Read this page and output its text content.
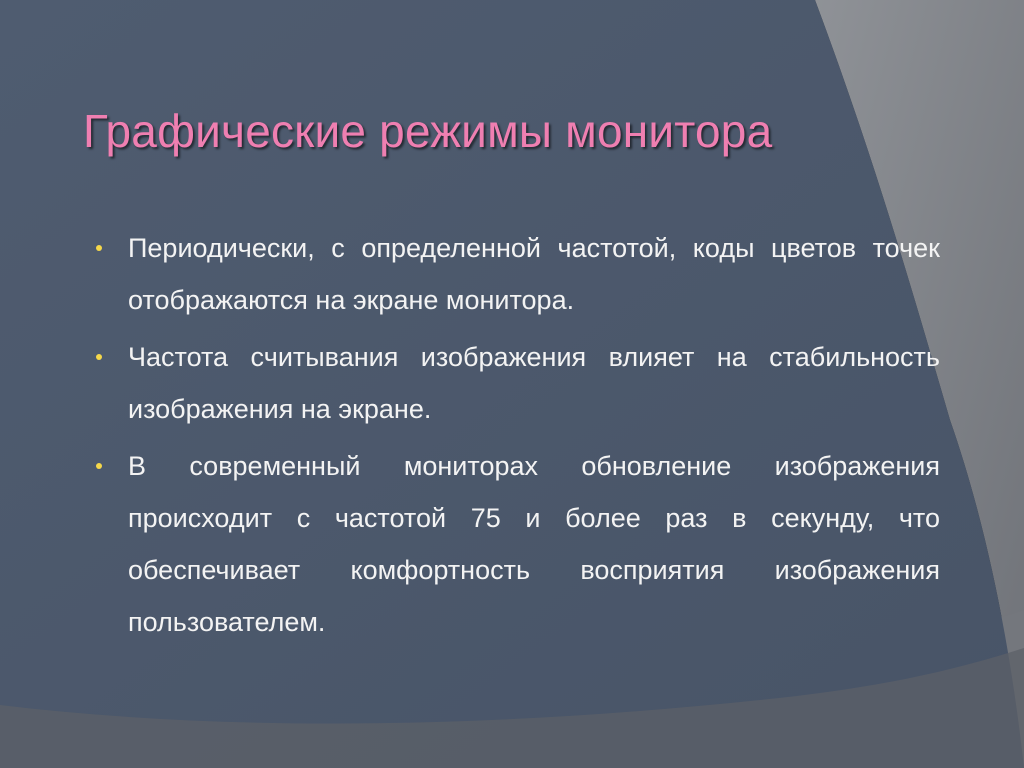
Графические режимы монитора
Периодически, с определенной частотой, коды цветов точек отображаются на экране монитора.
Частота считывания изображения влияет на стабильность изображения на экране.
В современный мониторах обновление изображения происходит с частотой 75 и более раз в секунду, что обеспечивает комфортность восприятия изображения пользователем.
